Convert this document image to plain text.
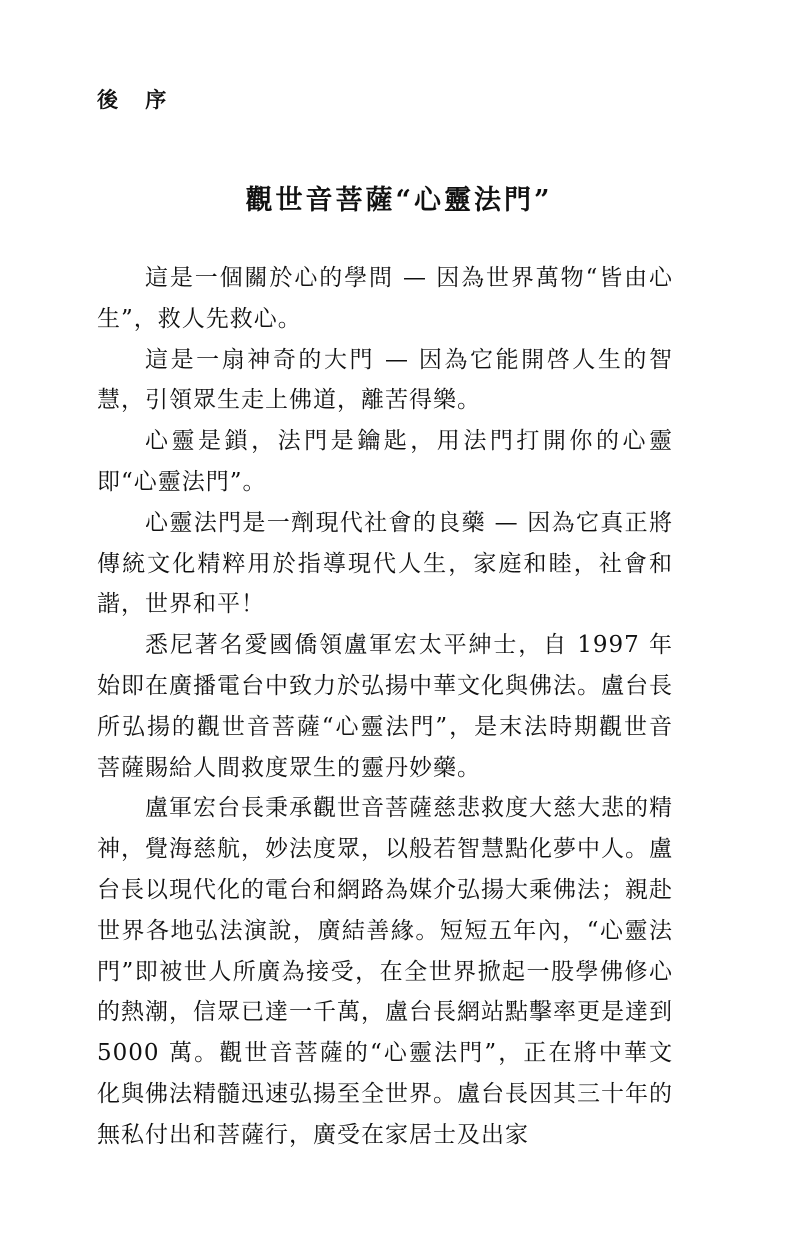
後 序
觀世音菩薩“心靈法門”

這是一個關於心的學問 — 因為世界萬物“皆由心生”，救人先救心。

這是一扇神奇的大門 — 因為它能開啓人生的智慧，引領眾生走上佛道，離苦得樂。

心靈是鎖，法門是鑰匙，用法門打開你的心靈即“心靈法門”。

心靈法門是一劑現代社會的良藥 — 因為它真正將傳統文化精粹用於指導現代人生，家庭和睦，社會和諧，世界和平！

悉尼著名愛國僑領盧軍宏太平紳士，自 1997 年始即在廣播電台中致力於弘揚中華文化與佛法。盧台長所弘揚的觀世音菩薩“心靈法門”，是末法時期觀世音菩薩賜給人間救度眾生的靈丹妙藥。

盧軍宏台長秉承觀世音菩薩慈悲救度大慈大悲的精神，覺海慈航，妙法度眾，以般若智慧點化夢中人。盧台長以現代化的電台和網路為媒介弘揚大乘佛法；親赴世界各地弘法演說，廣結善緣。短短五年內，“心靈法門”即被世人所廣為接受，在全世界掀起一股學佛修心的熱潮，信眾已達一千萬，盧台長網站點擊率更是達到 5000 萬。觀世音菩薩的“心靈法門”，正在將中華文化與佛法精髓迅速弘揚至全世界。盧台長因其三十年的無私付出和菩薩行，廣受在家居士及出家
